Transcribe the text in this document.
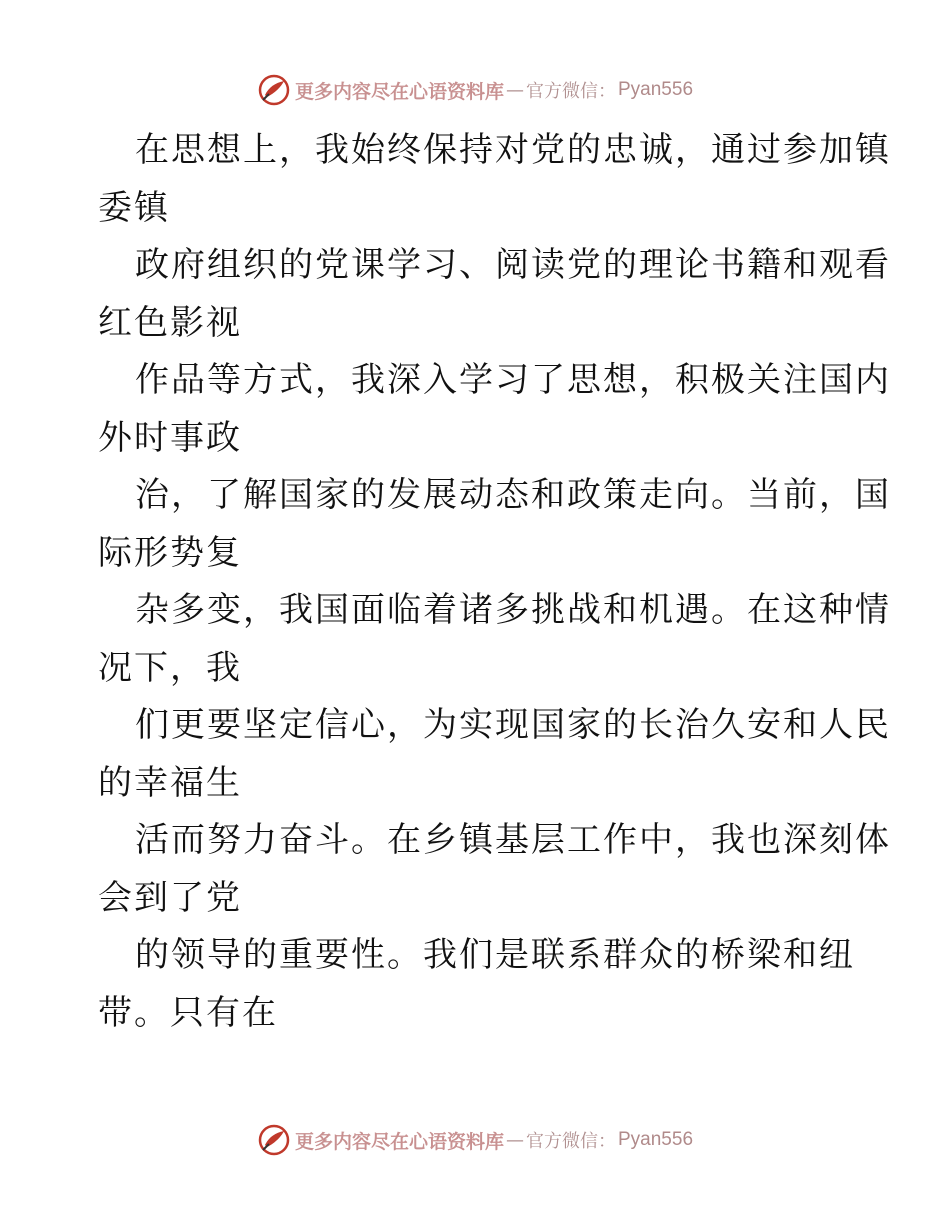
更多内容尽在心语资料库 — 官方微信： Pyan556
在思想上，我始终保持对党的忠诚，通过参加镇
委镇
政府组织的党课学习、阅读党的理论书籍和观看
红色影视
作品等方式，我深入学习了思想，积极关注国内
外时事政
治，了解国家的发展动态和政策走向。当前，国
际形势复
杂多变，我国面临着诸多挑战和机遇。在这种情
况下，我
们更要坚定信心，为实现国家的长治久安和人民
的幸福生
活而努力奋斗。在乡镇基层工作中，我也深刻体
会到了党
的领导的重要性。我们是联系群众的桥梁和纽
带。只有在
更多内容尽在心语资料库 — 官方微信： Pyan556
